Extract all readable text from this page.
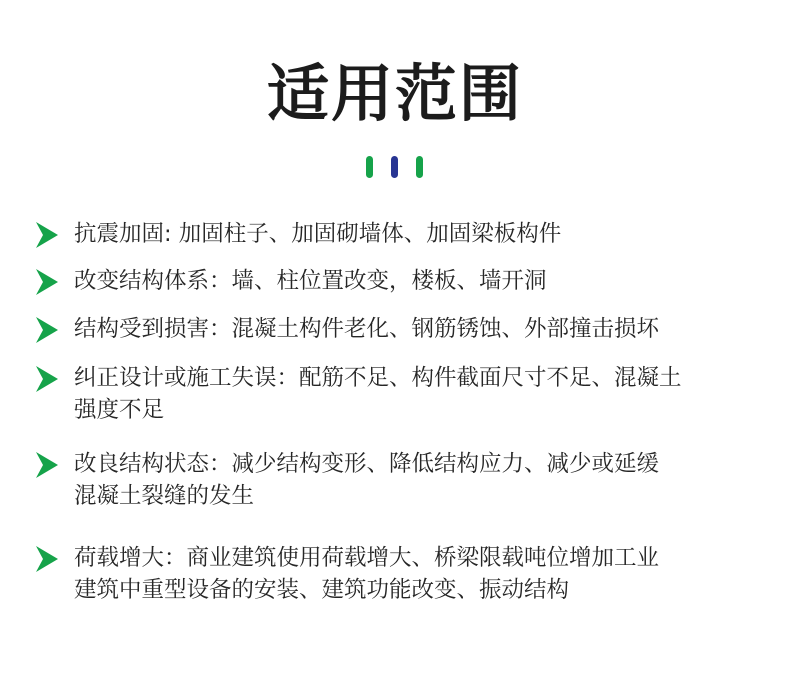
适用范围
抗震加固: 加固柱子、加固砌墙体、加固梁板构件
改变结构体系：墙、柱位置改变，楼板、墙开洞
结构受到损害：混凝土构件老化、钢筋锈蚀、外部撞击损坏
纠正设计或施工失误：配筋不足、构件截面尺寸不足、混凝土
强度不足
改良结构状态：减少结构变形、降低结构应力、减少或延缓
混凝土裂缝的发生
荷载增大：商业建筑使用荷载增大、桥梁限载吨位增加工业
建筑中重型设备的安装、建筑功能改变、振动结构
